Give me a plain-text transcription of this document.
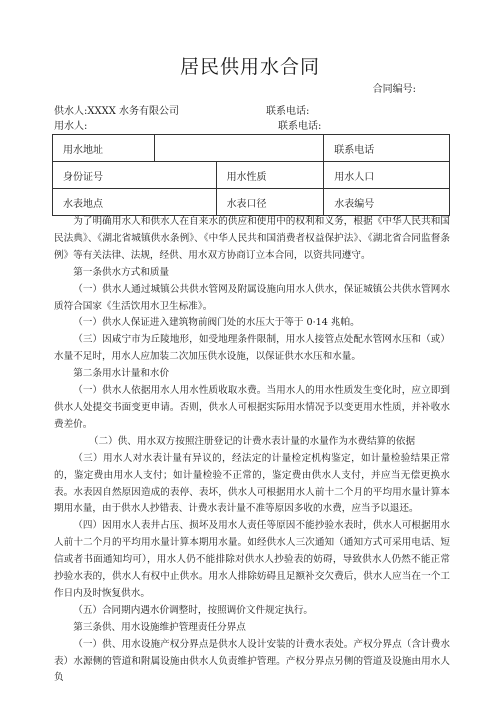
居民供用水合同
合同编号:
供水人:XXXX 水务有限公司	联系电话:
用水人:	联系电话:
用水地址			联系电话
身份证号		用水性质	用水人口
水表地点		水表口径	水表编号

为了明确用水人和供水人在自来水的供应和使用中的权利和义务，根据《中华人民共和国民法典》、《湖北省城镇供水条例》、《中华人民共和国消费者权益保护法》、《湖北省合同监督条例》等有关法律、法规，经供、用水双方协商订立本合同，以资共同遵守。

第一条供水方式和质量

（一）供水人通过城镇公共供水管网及附属设施向用水人供水，保证城镇公共供水管网水质符合国家《生活饮用水卫生标准》。

（一）供水人保证进入建筑物前阀门处的水压大于等于 0·14 兆帕。

（三）因咸宁市为丘陵地形，如受地理条件限制，用水人接管点处配水管网水压和（或）水量不足时，用水人应加装二次加压供水设施，以保证供水水压和水量。

第二条用水计量和水价

（一）供水人依据用水人用水性质收取水费。当用水人的用水性质发生变化时，应立即到供水人处提交书面变更申请。否则，供水人可根据实际用水情况予以变更用水性质，并补收水费差价。

（二）供、用水双方按照注册登记的计费水表计量的水量作为水费结算的依据

（三）用水人对水表计量有异议的，经法定的计量检定机构鉴定，如计量检验结果正常的，鉴定费由用水人支付；如计量检验不正常的，鉴定费由供水人支付，并应当无偿更换水表。水表因自然原因造成的表停、表坏，供水人可根据用水人前十二个月的平均用水量计算本期用水量，由于供水人抄错表、计费水表计量不准等原因多收的水费，应当予以退还。

（四）因用水人表井占压、损坏及用水人责任等原因不能抄验水表时，供水人可根据用水人前十二个月的平均用水量计算本期用水量。如经供水人三次通知（通知方式可采用电话、短信或者书面通知均可），用水人仍不能排除对供水人抄验表的妨碍，导致供水人仍然不能正常抄验水表的，供水人有权中止供水。用水人排除妨碍且足额补交欠费后，供水人应当在一个工作日内及时恢复供水。

（五）合同期内遇水价调整时，按照调价文件规定执行。

第三条供、用水设施维护管理责任分界点

（一）供、用水设施产权分界点是供水人设计安装的计费水表处。产权分界点（含计费水表）水源侧的管道和附属设施由供水人负责维护管理。产权分界点另侧的管道及设施由用水人负
